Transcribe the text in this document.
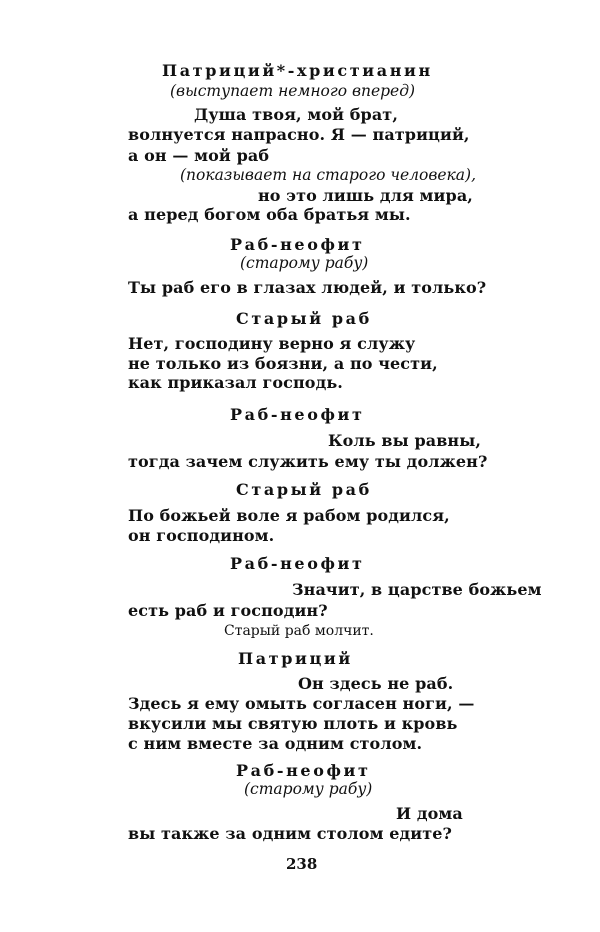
Патриций*-христианин
(выступает немного вперед)
Душа твоя, мой брат,
волнуется напрасно. Я — патриций,
а он — мой раб
(показывает на старого человека),
но это лишь для мира,
а перед богом оба братья мы.
Раб-неофит
(старому рабу)
Ты раб его в глазах людей, и только?
Старый раб
Нет, господину верно я служу
не только из боязни, а по чести,
как приказал господь.
Раб-неофит
Коль вы равны,
тогда зачем служить ему ты должен?
Старый раб
По божьей воле я рабом родился,
он господином.
Раб-неофит
Значит, в царстве божьем
есть раб и господин?
Старый раб молчит.
Патриций
Он здесь не раб.
Здесь я ему омыть согласен ноги, —
вкусили мы святую плоть и кровь
с ним вместе за одним столом.
Раб-неофит
(старому рабу)
И дома
вы также за одним столом едите?
238
